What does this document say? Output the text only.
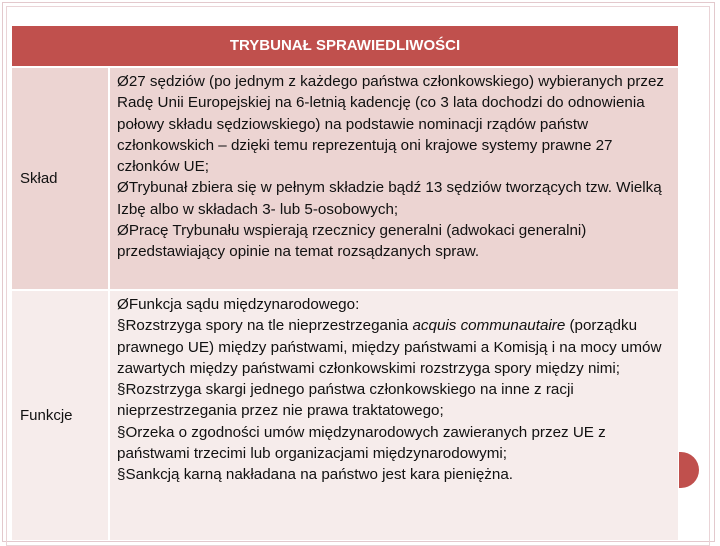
TRYBUNAŁ SPRAWIEDLIWOŚCI
Skład

Ø27 sędziów (po jednym z każdego państwa członkowskiego) wybieranych przez Radę Unii Europejskiej na 6-letnią kadencję (co 3 lata dochodzi do odnowienia połowy składu sędziowskiego) na podstawie nominacji rządów państw członkowskich – dzięki temu reprezentują oni krajowe systemy prawne 27 członków UE;

ØTrybunał zbiera się w pełnym składzie bądź 13 sędziów tworzących tzw. Wielką Izbę albo w składach 3- lub 5-osobowych;

ØPracę Trybunału wspierają rzecznicy generalni (adwokaci generalni) przedstawiający opinie na temat rozsądzanych spraw.

Funkcje

ØFunkcja sądu międzynarodowego:

§Rozstrzyga spory na tle nieprzestrzegania acquis communautaire (porządku prawnego UE) między państwami, między państwami a Komisją i na mocy umów zawartych między państwami członkowskimi rozstrzyga spory między nimi;

§Rozstrzyga skargi jednego państwa członkowskiego na inne z racji nieprzestrzegania przez nie prawa traktatowego;

§Orzeka o zgodności umów międzynarodowych zawieranych przez UE z państwami trzecimi lub organizacjami międzynarodowymi;

§Sankcją karną nakładana na państwo jest kara pieniężna.
